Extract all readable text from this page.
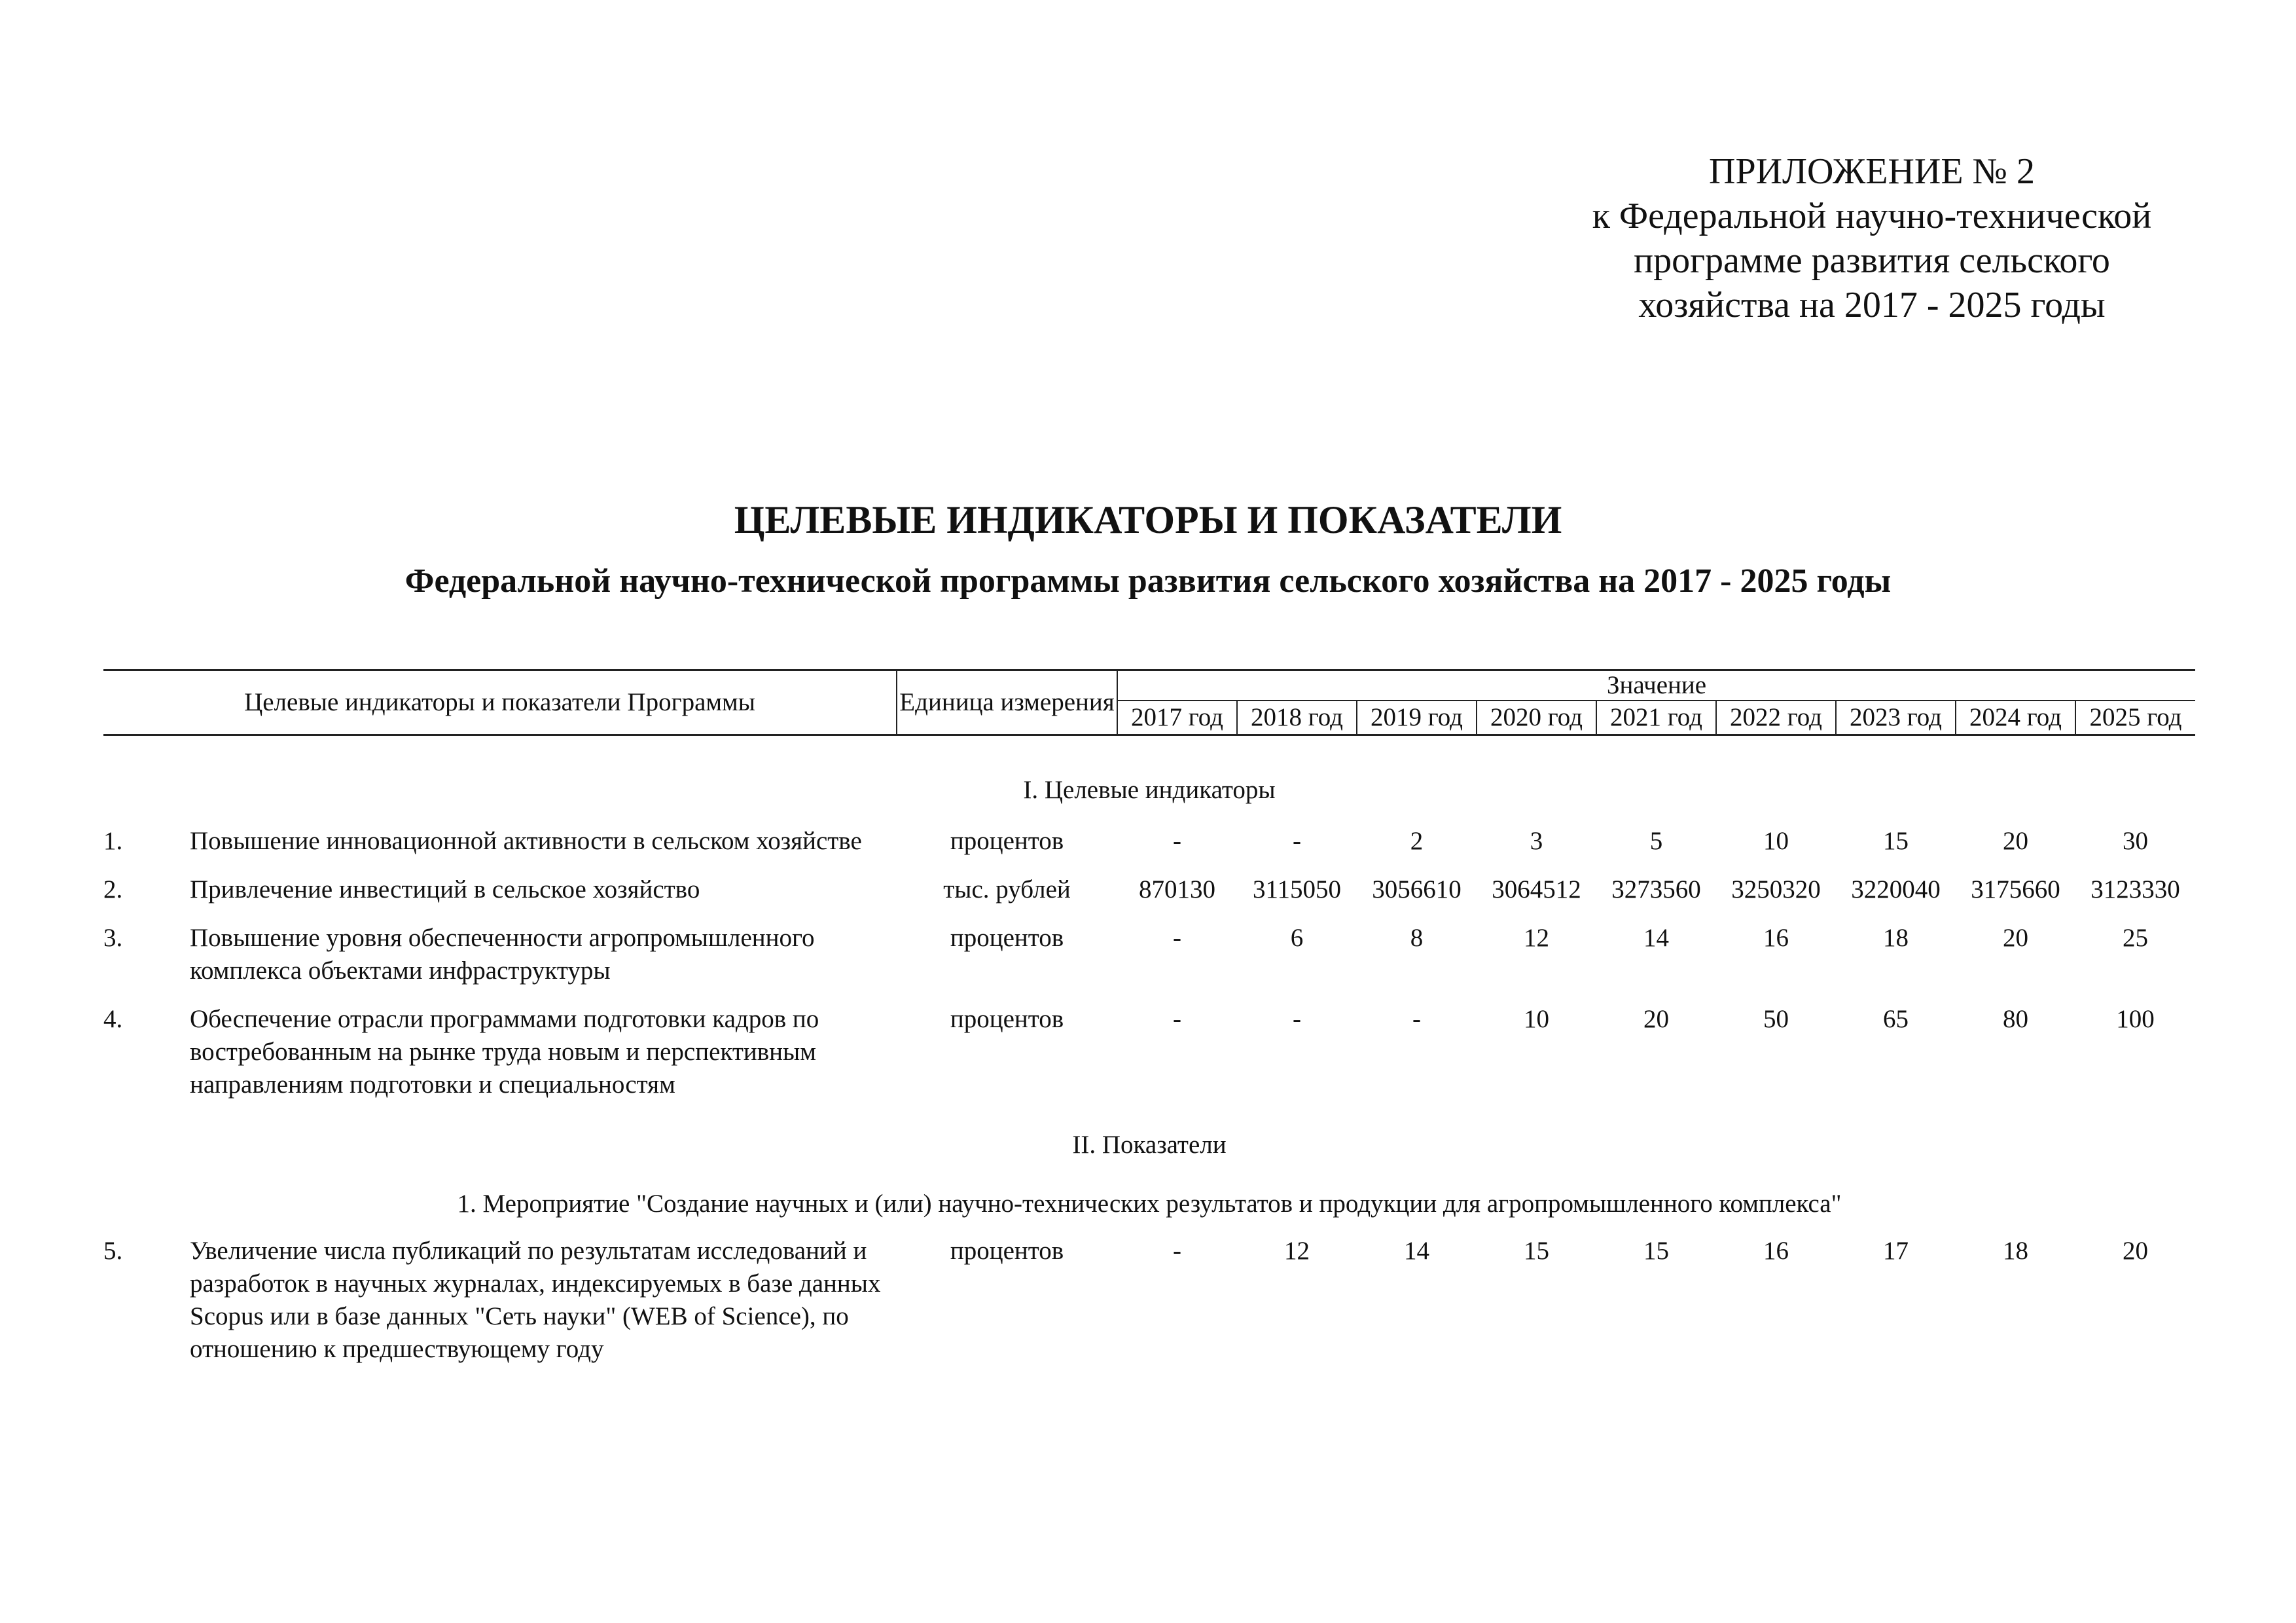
ПРИЛОЖЕНИЕ № 2
к Федеральной научно-технической
программе развития сельского
хозяйства на 2017 - 2025 годы
ЦЕЛЕВЫЕ ИНДИКАТОРЫ И ПОКАЗАТЕЛИ
Федеральной научно-технической программы развития сельского хозяйства на 2017 - 2025 годы
Целевые индикаторы и показатели Программы		Единица измерения	Значение								
			2017 год	2018 год	2019 год	2020 год	2021 год	2022 год	2023 год	2024 год	2025 год
I. Целевые индикаторы											
1.	Повышение инновационной активности в сельском хозяйстве	процентов	-	-	2	3	5	10	15	20	30
2.	Привлечение инвестиций в сельское хозяйство	тыс. рублей	870130	3115050	3056610	3064512	3273560	3250320	3220040	3175660	3123330
3.	Повышение уровня обеспеченности агропромышленного комплекса объектами инфраструктуры	процентов	-	6	8	12	14	16	18	20	25
4.	Обеспечение отрасли программами подготовки кадров по востребованным на рынке труда новым и перспективным направлениям подготовки и специальностям	процентов	-	-	-	10	20	50	65	80	100
II. Показатели											
1. Мероприятие "Создание научных и (или) научно-технических результатов и продукции для агропромышленного комплекса"											
5.	Увеличение числа публикаций по результатам исследований и разработок в научных журналах, индексируемых в базе данных Scopus или в базе данных "Сеть науки" (WEB of Science), по отношению к предшествующему году	процентов	-	12	14	15	15	16	17	18	20
